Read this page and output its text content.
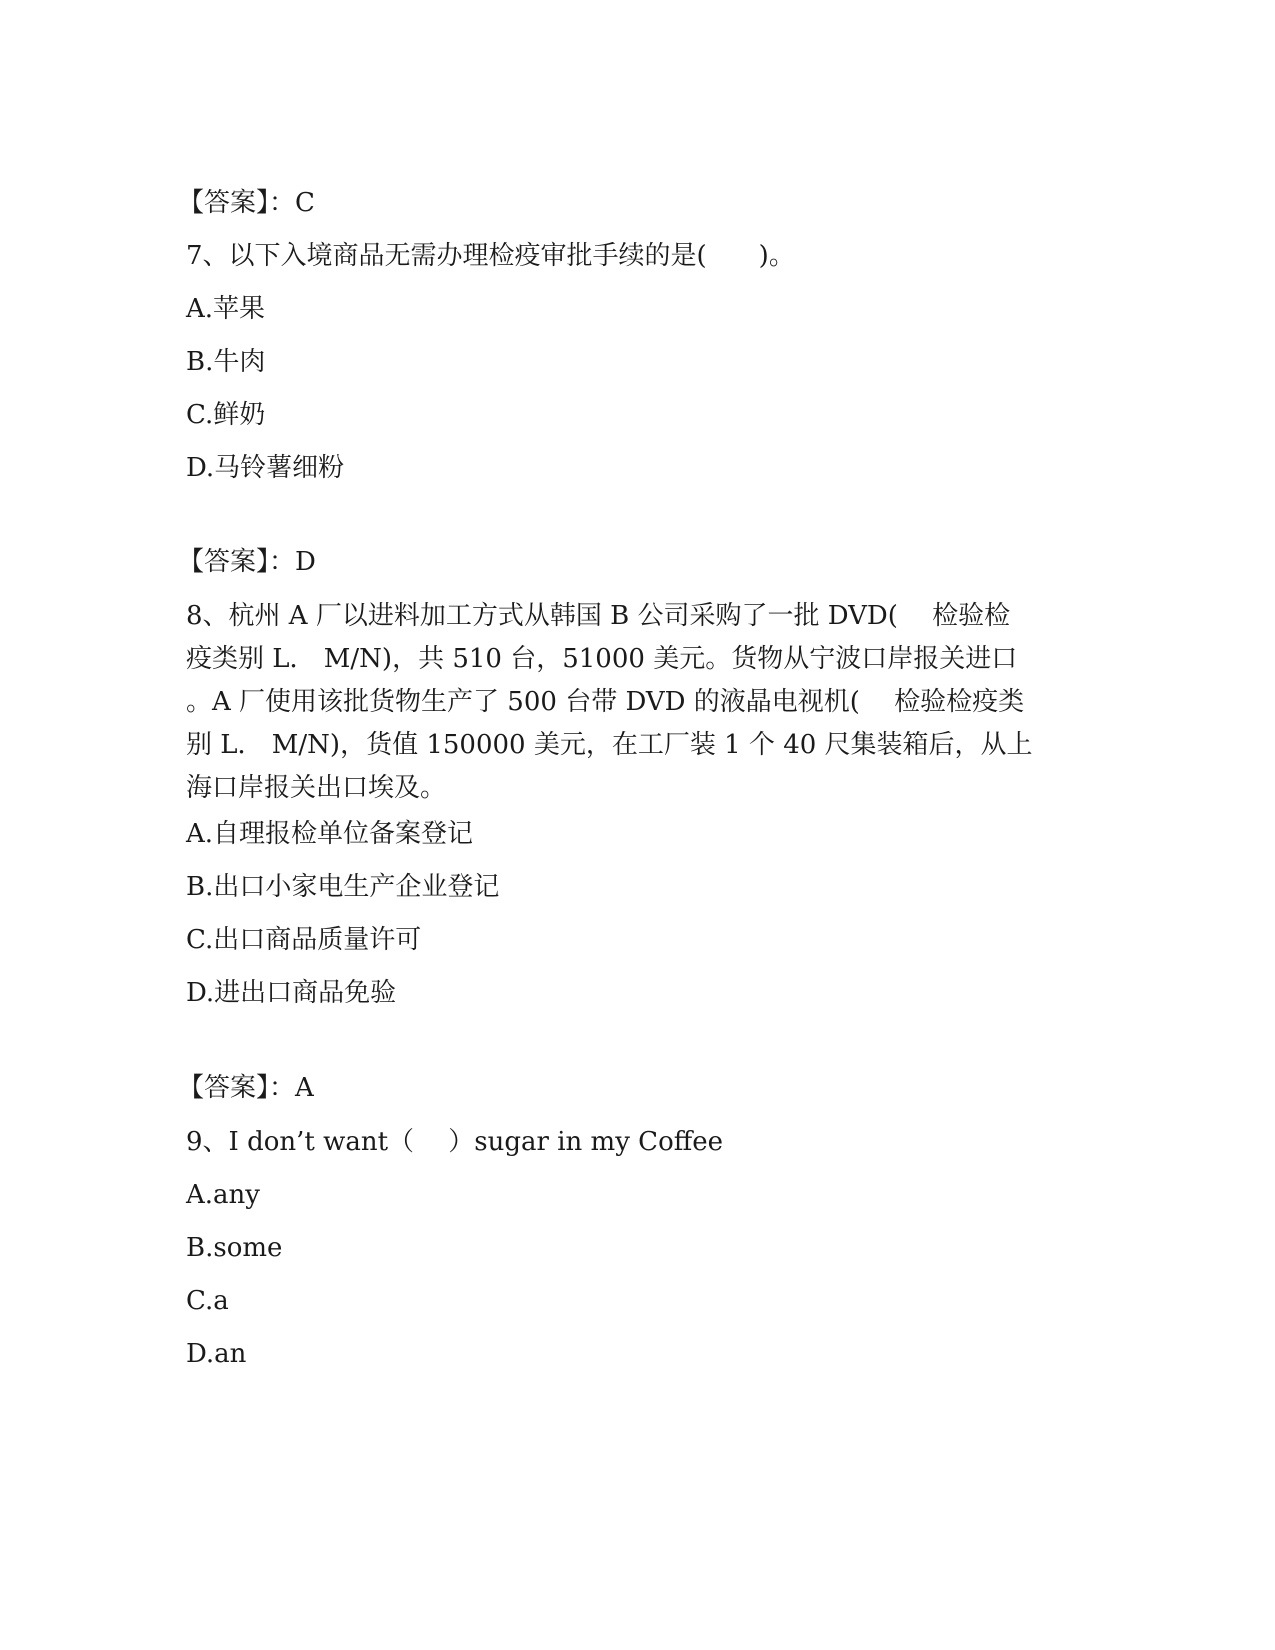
【答案】：C
7、以下入境商品无需办理检疫审批手续的是(　　)。
A.苹果
B.牛肉
C.鲜奶
D.马铃薯细粉
【答案】：D
8、杭州 A 厂以进料加工方式从韩国 B 公司采购了一批 DVD(　 检验检
疫类别 L． M/N)，共 510 台，51000 美元。货物从宁波口岸报关进口
。A 厂使用该批货物生产了 500 台带 DVD 的液晶电视机(　 检验检疫类
别 L． M/N)，货值 150000 美元，在工厂装 1 个 40 尺集装箱后，从上
海口岸报关出口埃及。
A.自理报检单位备案登记
B.出口小家电生产企业登记
C.出口商品质量许可
D.进出口商品免验
【答案】：A
9、I don’t want（　 ）sugar in my Coffee
A.any
B.some
C.a
D.an
